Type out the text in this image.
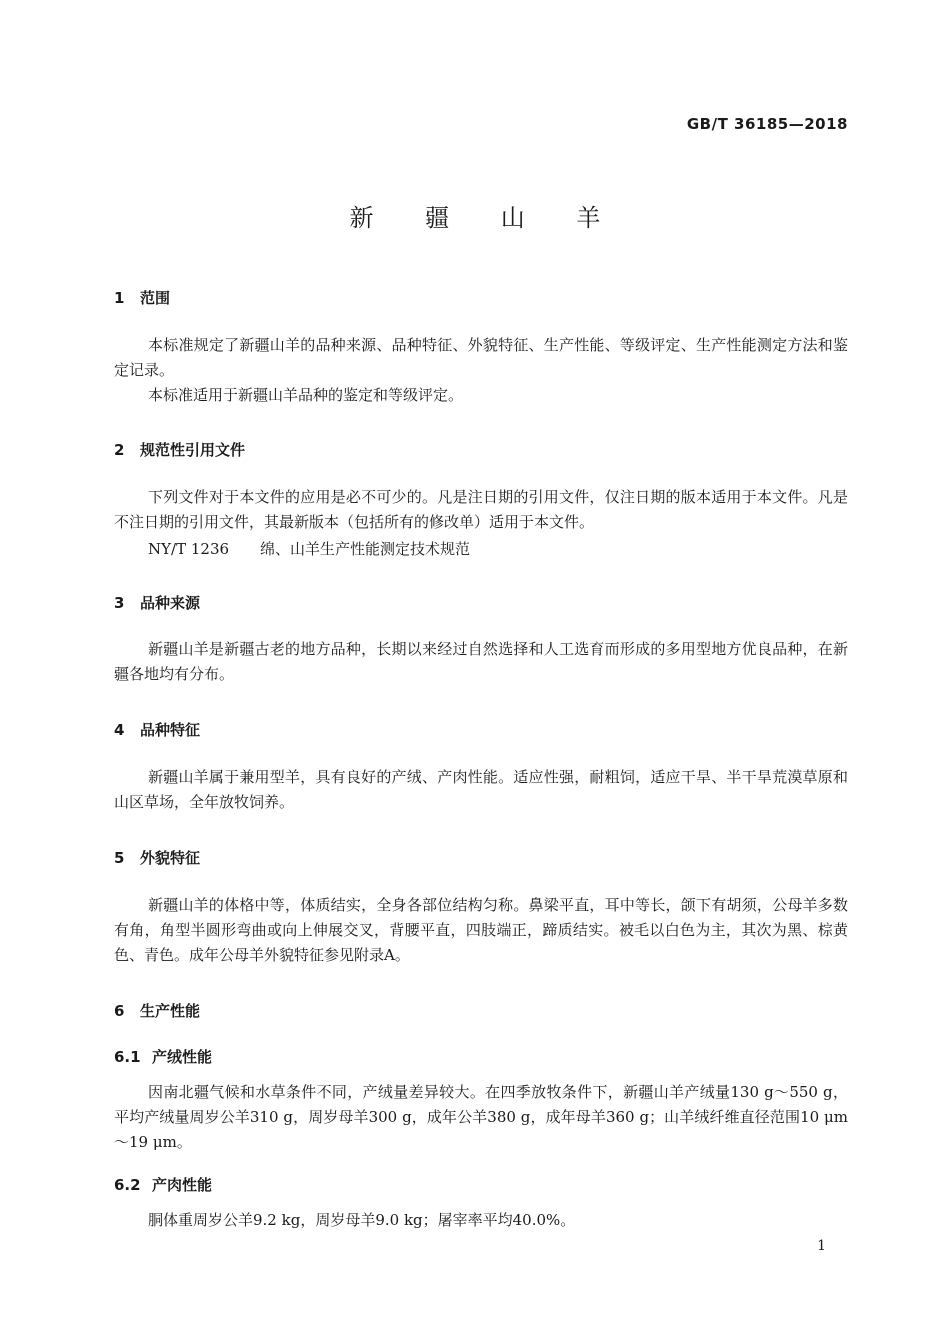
GB/T 36185—2018
新 疆 山 羊
1 范围
本标准规定了新疆山羊的品种来源、品种特征、外貌特征、生产性能、等级评定、生产性能测定方法和鉴定记录。
本标准适用于新疆山羊品种的鉴定和等级评定。
2 规范性引用文件
下列文件对于本文件的应用是必不可少的。凡是注日期的引用文件，仅注日期的版本适用于本文件。凡是不注日期的引用文件，其最新版本（包括所有的修改单）适用于本文件。
NY/T 1236 绵、山羊生产性能测定技术规范
3 品种来源
新疆山羊是新疆古老的地方品种，长期以来经过自然选择和人工选育而形成的多用型地方优良品种，在新疆各地均有分布。
4 品种特征
新疆山羊属于兼用型羊，具有良好的产绒、产肉性能。适应性强，耐粗饲，适应干旱、半干旱荒漠草原和山区草场，全年放牧饲养。
5 外貌特征
新疆山羊的体格中等，体质结实，全身各部位结构匀称。鼻梁平直，耳中等长，颌下有胡须，公母羊多数有角，角型半圆形弯曲或向上伸展交叉，背腰平直，四肢端正，蹄质结实。被毛以白色为主，其次为黑、棕黄色、青色。成年公母羊外貌特征参见附录A。
6 生产性能
6.1 产绒性能
因南北疆气候和水草条件不同，产绒量差异较大。在四季放牧条件下，新疆山羊产绒量130 g～550 g，平均产绒量周岁公羊310 g，周岁母羊300 g，成年公羊380 g，成年母羊360 g；山羊绒纤维直径范围10 μm～19 μm。
6.2 产肉性能
胴体重周岁公羊9.2 kg，周岁母羊9.0 kg；屠宰率平均40.0%。
1
